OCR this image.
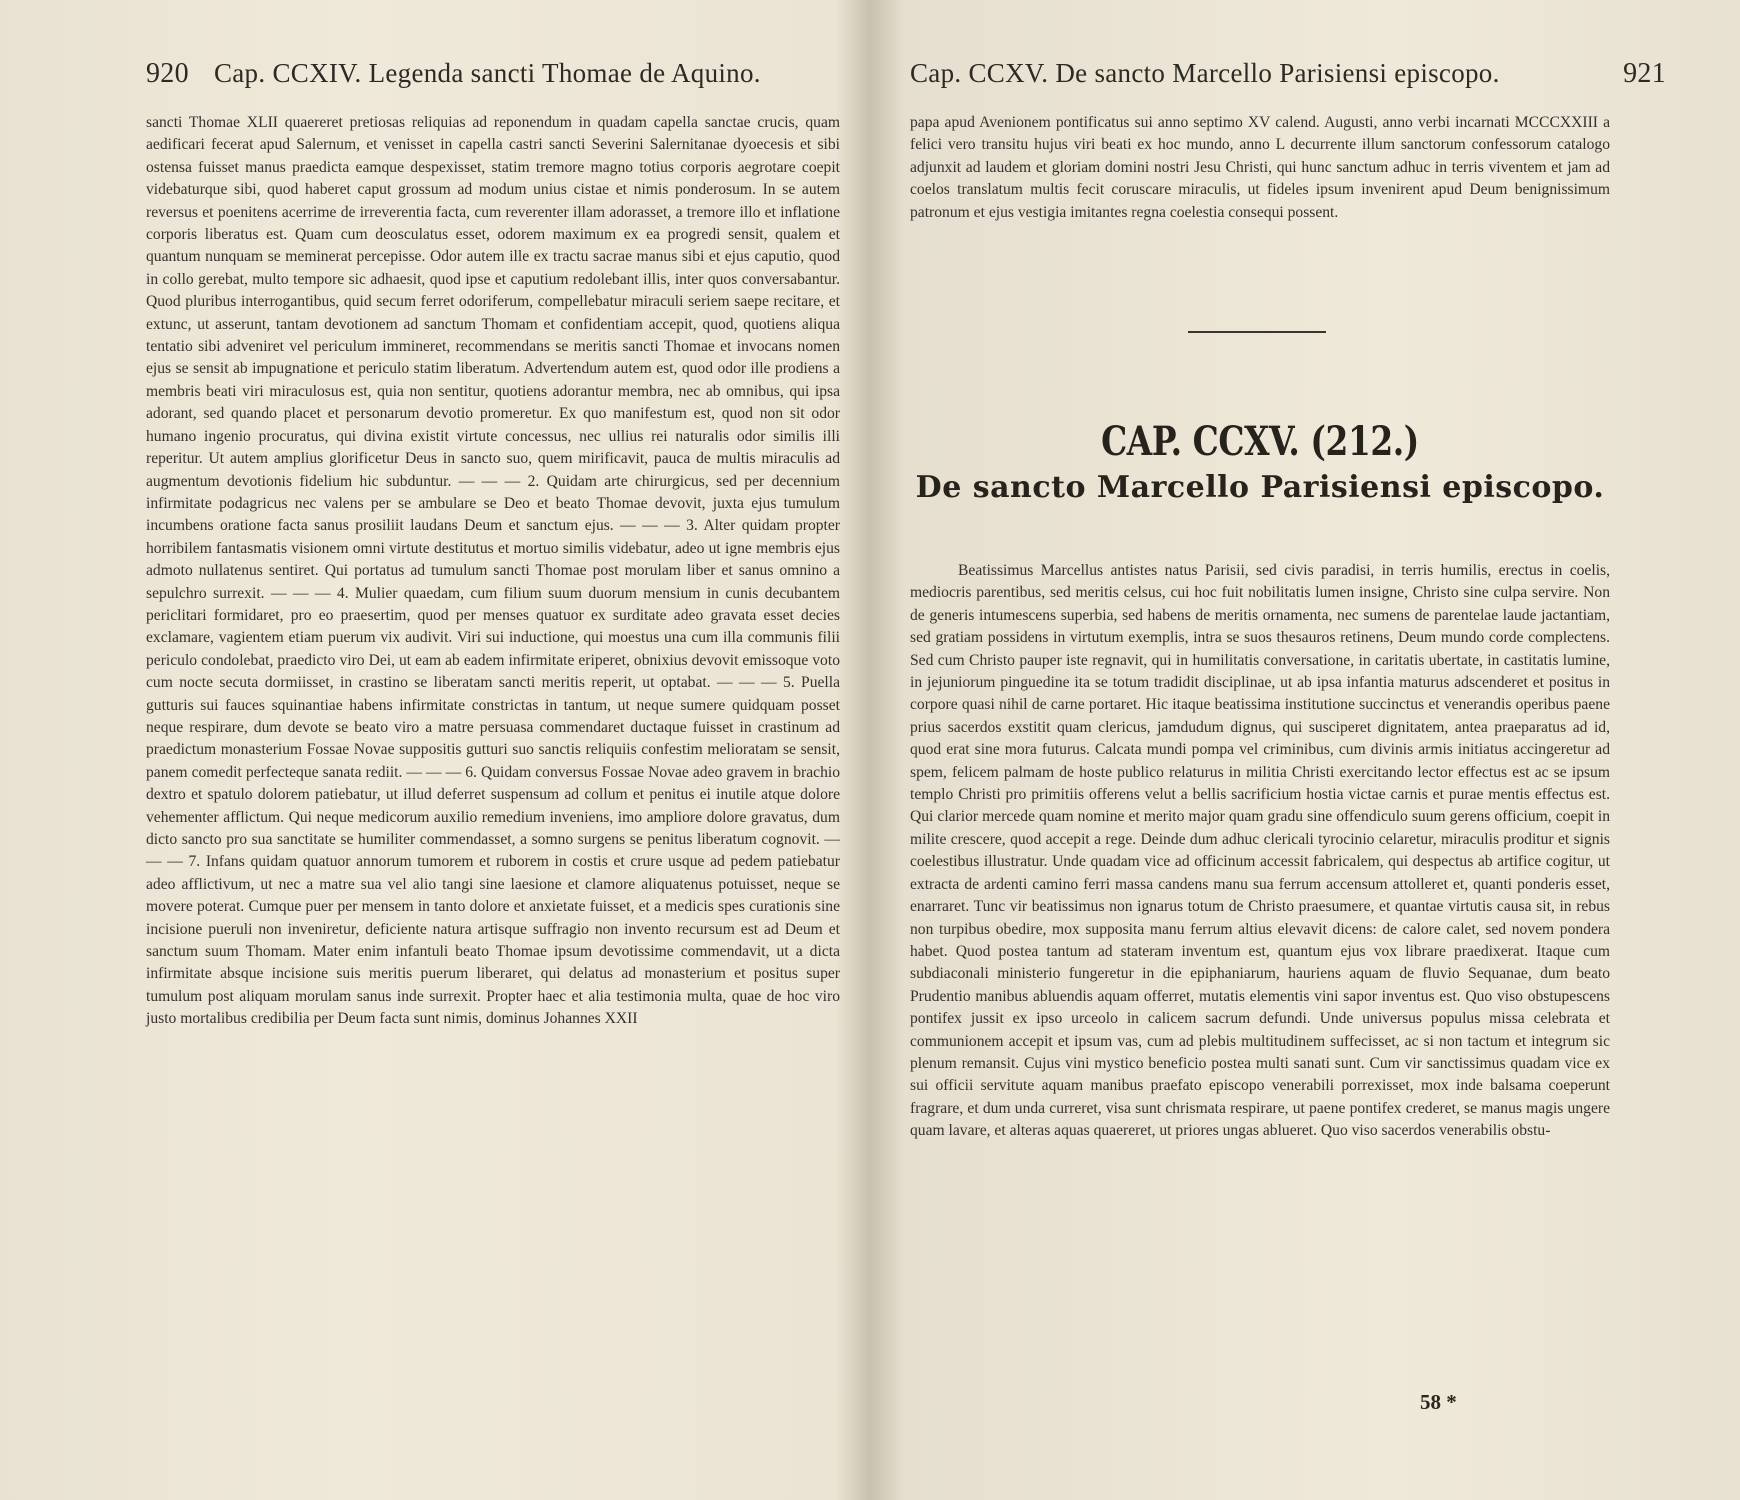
920 Cap. CCXIV. Legenda sancti Thomae de Aquino.
sancti Thomae XLII quaereret pretiosas reliquias ad reponendum in quadam capella sanctae crucis, quam aedificari fecerat apud Salernum, et venisset in capella castri sancti Severini Salernitanae dyoecesis et sibi ostensa fuisset manus praedicta eamque despexisset, statim tremore magno totius corporis aegrotare coepit videbaturque sibi, quod haberet caput grossum ad modum unius cistae et nimis ponderosum. In se autem reversus et poenitens acerrime de irreverentia facta, cum reverenter illam adorasset, a tremore illo et inflatione corporis liberatus est. Quam cum deosculatus esset, odorem maximum ex ea progredi sensit, qualem et quantum nunquam se meminerat percepisse. Odor autem ille ex tractu sacrae manus sibi et ejus caputio, quod in collo gerebat, multo tempore sic adhaesit, quod ipse et caputium redolebant illis, inter quos conversabantur. Quod pluribus interrogantibus, quid secum ferret odoriferum, compellebatur miraculi seriem saepe recitare, et extunc, ut asserunt, tantam devotionem ad sanctum Thomam et confidentiam accepit, quod, quotiens aliqua tentatio sibi adveniret vel periculum immineret, recommendans se meritis sancti Thomae et invocans nomen ejus se sensit ab impugnatione et periculo statim liberatum. Advertendum autem est, quod odor ille prodiens a membris beati viri miraculosus est, quia non sentitur, quotiens adorantur membra, nec ab omnibus, qui ipsa adorant, sed quando placet et personarum devotio promeretur. Ex quo manifestum est, quod non sit odor humano ingenio procuratus, qui divina existit virtute concessus, nec ullius rei naturalis odor similis illi reperitur. Ut autem amplius glorificetur Deus in sancto suo, quem mirificavit, pauca de multis miraculis ad augmentum devotionis fidelium hic subduntur. — — — 2. Quidam arte chirurgicus, sed per decennium infirmitate podagricus nec valens per se ambulare se Deo et beato Thomae devovit, juxta ejus tumulum incumbens oratione facta sanus prosiliit laudans Deum et sanctum ejus. — — — 3. Alter quidam propter horribilem fantasmatis visionem omni virtute destitutus et mortuo similis videbatur, adeo ut igne membris ejus admoto nullatenus sentiret. Qui portatus ad tumulum sancti Thomae post morulam liber et sanus omnino a sepulchro surrexit. — — — 4. Mulier quaedam, cum filium suum duorum mensium in cunis decubantem periclitari formidaret, pro eo praesertim, quod per menses quatuor ex surditate adeo gravata esset decies exclamare, vagientem etiam puerum vix audivit. Viri sui inductione, qui moestus una cum illa communis filii periculo condolebat, praedicto viro Dei, ut eam ab eadem infirmitate eriperet, obnixius devovit emissoque voto cum nocte secuta dormiisset, in crastino se liberatam sancti meritis reperit, ut optabat. — — — 5. Puella gutturis sui fauces squinantiae habens infirmitate constrictas in tantum, ut neque sumere quidquam posset neque respirare, dum devote se beato viro a matre persuasa commendaret ductaque fuisset in crastinum ad praedictum monasterium Fossae Novae suppositis gutturi suo sanctis reliquiis confestim melioratam se sensit, panem comedit perfecteque sanata rediit. — — — 6. Quidam conversus Fossae Novae adeo gravem in brachio dextro et spatulo dolorem patiebatur, ut illud deferret suspensum ad collum et penitus ei inutile atque dolore vehementer afflictum. Qui neque medicorum auxilio remedium inveniens, imo ampliore dolore gravatus, dum dicto sancto pro sua sanctitate se humiliter commendasset, a somno surgens se penitus liberatum cognovit. — — — 7. Infans quidam quatuor annorum tumorem et ruborem in costis et crure usque ad pedem patiebatur adeo afflictivum, ut nec a matre sua vel alio tangi sine laesione et clamore aliquatenus potuisset, neque se movere poterat. Cumque puer per mensem in tanto dolore et anxietate fuisset, et a medicis spes curationis sine incisione pueruli non inveniretur, deficiente natura artisque suffragio non invento recursum est ad Deum et sanctum suum Thomam. Mater enim infantuli beato Thomae ipsum devotissime commendavit, ut a dicta infirmitate absque incisione suis meritis puerum liberaret, qui delatus ad monasterium et positus super tumulum post aliquam morulam sanus inde surrexit. Propter haec et alia testimonia multa, quae de hoc viro justo mortalibus credibilia per Deum facta sunt nimis, dominus Johannes XXII
Cap. CCXV. De sancto Marcello Parisiensi episcopo.	921
papa apud Avenionem pontificatus sui anno septimo XV calend. Augusti, anno verbi incarnati MCCCXXIII a felici vero transitu hujus viri beati ex hoc mundo, anno L decurrente illum sanctorum confessorum catalogo adjunxit ad laudem et gloriam domini nostri Jesu Christi, qui hunc sanctum adhuc in terris viventem et jam ad coelos translatum multis fecit coruscare miraculis, ut fideles ipsum invenirent apud Deum benignissimum patronum et ejus vestigia imitantes regna coelestia consequi possent.
CAP. CCXV. (212.)
De sancto Marcello Parisiensi episcopo.
Beatissimus Marcellus antistes natus Parisii, sed civis paradisi, in terris humilis, erectus in coelis, mediocris parentibus, sed meritis celsus, cui hoc fuit nobilitatis lumen insigne, Christo sine culpa servire. Non de generis intumescens superbia, sed habens de meritis ornamenta, nec sumens de parentelae laude jactantiam, sed gratiam possidens in virtutum exemplis, intra se suos thesauros retinens, Deum mundo corde complectens. Sed cum Christo pauper iste regnavit, qui in humilitatis conversatione, in caritatis ubertate, in castitatis lumine, in jejuniorum pinguedine ita se totum tradidit disciplinae, ut ab ipsa infantia maturus adscenderet et positus in corpore quasi nihil de carne portaret. Hic itaque beatissima institutione succinctus et venerandis operibus paene prius sacerdos exstitit quam clericus, jamdudum dignus, qui susciperet dignitatem, antea praeparatus ad id, quod erat sine mora futurus. Calcata mundi pompa vel criminibus, cum divinis armis initiatus accingeretur ad spem, felicem palmam de hoste publico relaturus in militia Christi exercitando lector effectus est ac se ipsum templo Christi pro primitiis offerens velut a bellis sacrificium hostia victae carnis et purae mentis effectus est. Qui clarior mercede quam nomine et merito major quam gradu sine offendiculo suum gerens officium, coepit in milite crescere, quod accepit a rege. Deinde dum adhuc clericali tyrocinio celaretur, miraculis proditur et signis coelestibus illustratur. Unde quadam vice ad officinum accessit fabricalem, qui despectus ab artifice cogitur, ut extracta de ardenti camino ferri massa candens manu sua ferrum accensum attolleret et, quanti ponderis esset, enarraret. Tunc vir beatissimus non ignarus totum de Christo praesumere, et quantae virtutis causa sit, in rebus non turpibus obedire, mox supposita manu ferrum altius elevavit dicens: de calore calet, sed novem pondera habet. Quod postea tantum ad stateram inventum est, quantum ejus vox librare praedixerat. Itaque cum subdiaconali ministerio fungeretur in die epiphaniarum, hauriens aquam de fluvio Sequanae, dum beato Prudentio manibus abluendis aquam offerret, mutatis elementis vini sapor inventus est. Quo viso obstupescens pontifex jussit ex ipso urceolo in calicem sacrum defundi. Unde universus populus missa celebrata et communionem accepit et ipsum vas, cum ad plebis multitudinem suffecisset, ac si non tactum et integrum sic plenum remansit. Cujus vini mystico beneficio postea multi sanati sunt. Cum vir sanctissimus quadam vice ex sui officii servitute aquam manibus praefato episcopo venerabili porrexisset, mox inde balsama coeperunt fragrare, et dum unda curreret, visa sunt chrismata respirare, ut paene pontifex crederet, se manus magis ungere quam lavare, et alteras aquas quaereret, ut priores ungas ablueret. Quo viso sacerdos venerabilis obstu-
58 *
